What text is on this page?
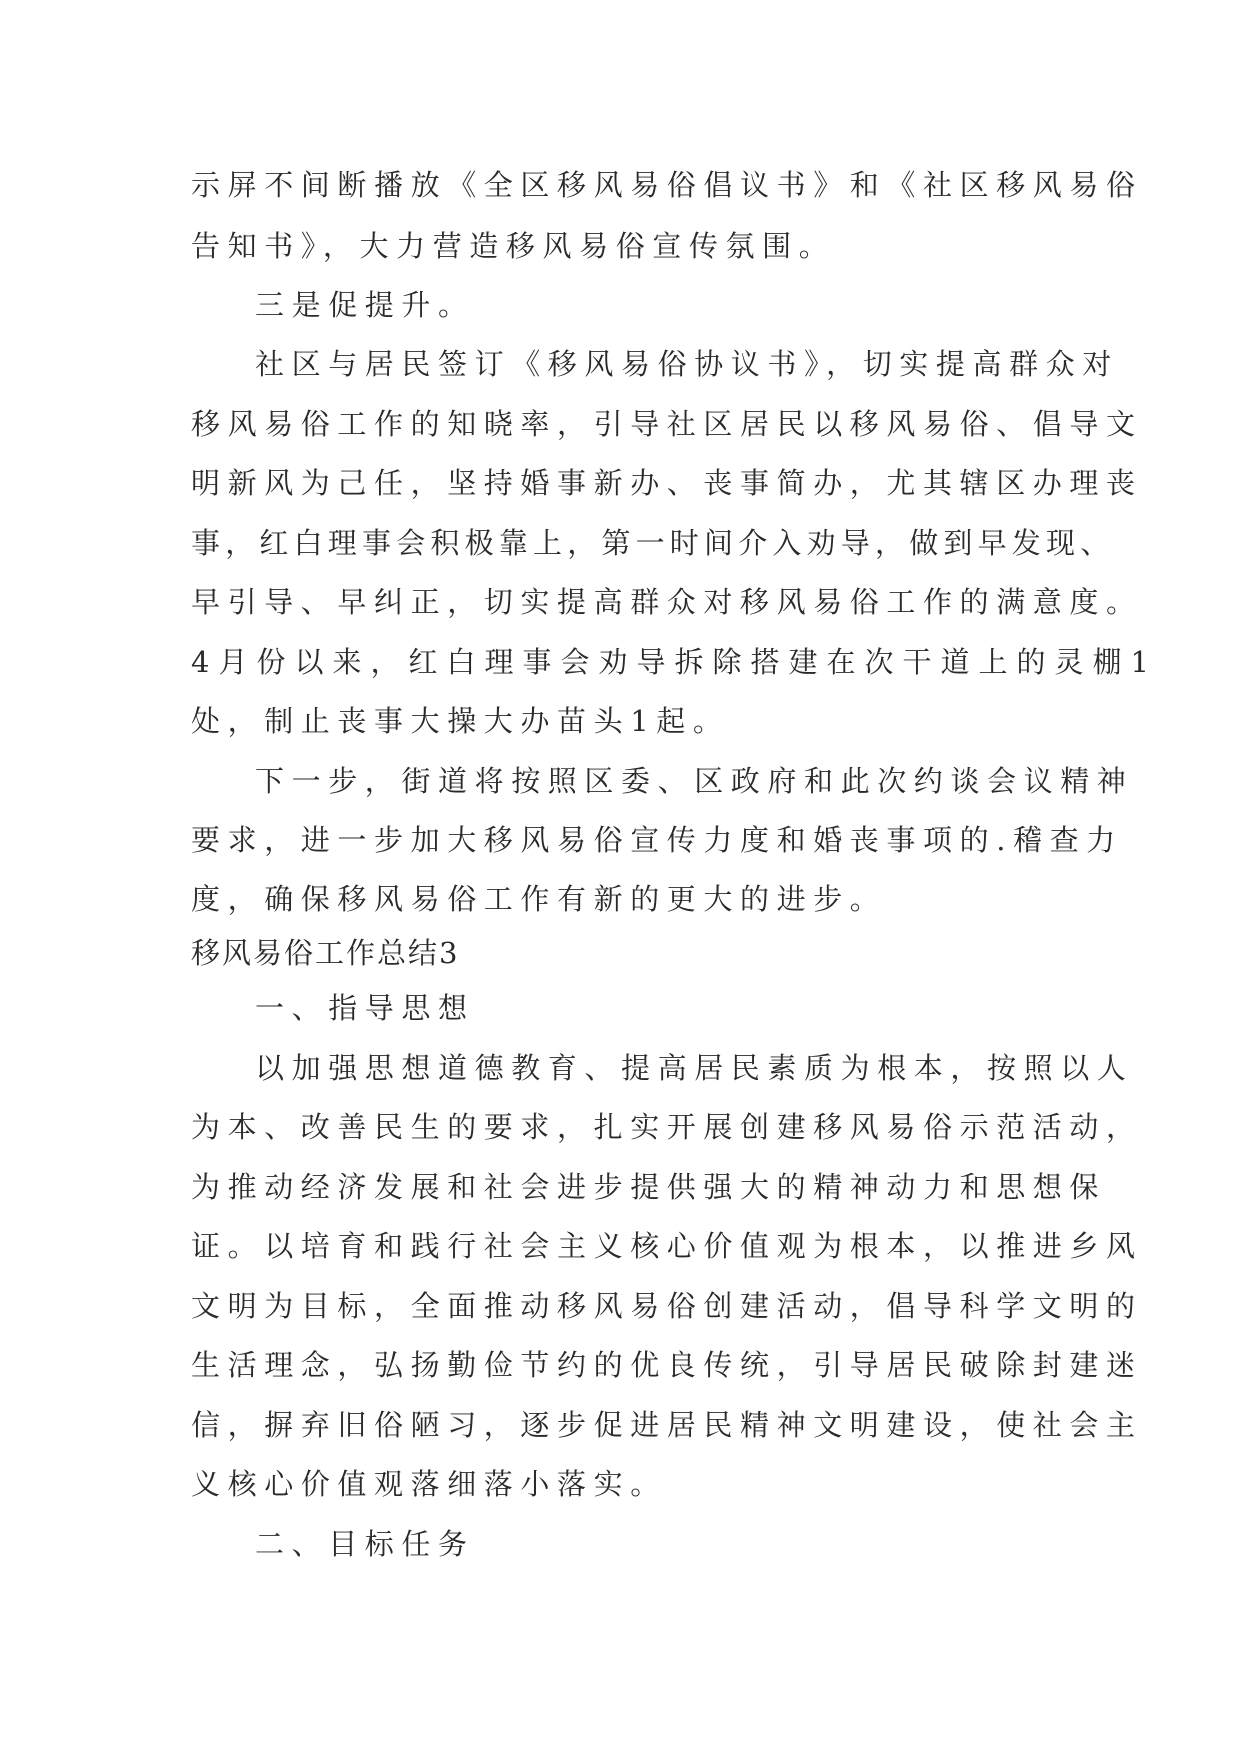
示屏不间断播放《全区移风易俗倡议书》和《社区移风易俗
告知书》，大力营造移风易俗宣传氛围。
三是促提升。
社区与居民签订《移风易俗协议书》，切实提高群众对
移风易俗工作的知晓率，引导社区居民以移风易俗、倡导文
明新风为己任，坚持婚事新办、丧事简办，尤其辖区办理丧
事，红白理事会积极靠上，第一时间介入劝导，做到早发现、
早引导、早纠正，切实提高群众对移风易俗工作的满意度。
4月份以来，红白理事会劝导拆除搭建在次干道上的灵棚1
处，制止丧事大操大办苗头1起。
下一步，街道将按照区委、区政府和此次约谈会议精神
要求，进一步加大移风易俗宣传力度和婚丧事项的.稽查力
度，确保移风易俗工作有新的更大的进步。
移风易俗工作总结3
一、指导思想
以加强思想道德教育、提高居民素质为根本，按照以人
为本、改善民生的要求，扎实开展创建移风易俗示范活动，
为推动经济发展和社会进步提供强大的精神动力和思想保
证。以培育和践行社会主义核心价值观为根本，以推进乡风
文明为目标，全面推动移风易俗创建活动，倡导科学文明的
生活理念，弘扬勤俭节约的优良传统，引导居民破除封建迷
信，摒弃旧俗陋习，逐步促进居民精神文明建设，使社会主
义核心价值观落细落小落实。
二、目标任务
